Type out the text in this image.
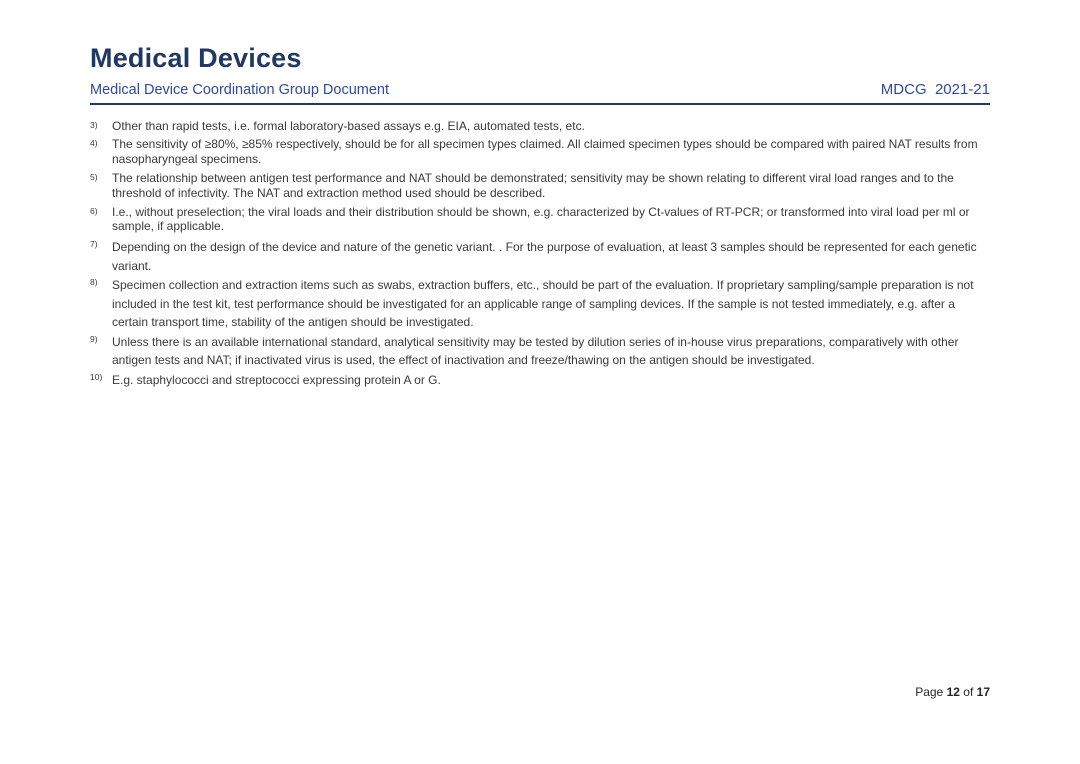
Medical Devices
Medical Device Coordination Group Document	MDCG  2021-21
3)	Other than rapid tests, i.e. formal laboratory-based assays e.g. EIA, automated tests, etc.
4)	The sensitivity of ≥80%, ≥85% respectively, should be for all specimen types claimed. All claimed specimen types should be compared with paired NAT results from nasopharyngeal specimens.
5)	The relationship between antigen test performance and NAT should be demonstrated; sensitivity may be shown relating to different viral load ranges and to the threshold of infectivity. The NAT and extraction method used should be described.
6)	I.e., without preselection; the viral loads and their distribution should be shown, e.g. characterized by Ct-values of RT-PCR; or transformed into viral load per ml or sample, if applicable.
7)	Depending on the design of the device and nature of the genetic variant. . For the purpose of evaluation, at least 3 samples should be represented for each genetic variant.
8)	Specimen collection and extraction items such as swabs, extraction buffers, etc., should be part of the evaluation. If proprietary sampling/sample preparation is not included in the test kit, test performance should be investigated for an applicable range of sampling devices. If the sample is not tested immediately, e.g. after a certain transport time, stability of the antigen should be investigated.
9)	Unless there is an available international standard, analytical sensitivity may be tested by dilution series of in-house virus preparations, comparatively with other antigen tests and NAT; if inactivated virus is used, the effect of inactivation and freeze/thawing on the antigen should be investigated.
10) E.g. staphylococci and streptococci expressing protein A or G.
Page 12 of 17
